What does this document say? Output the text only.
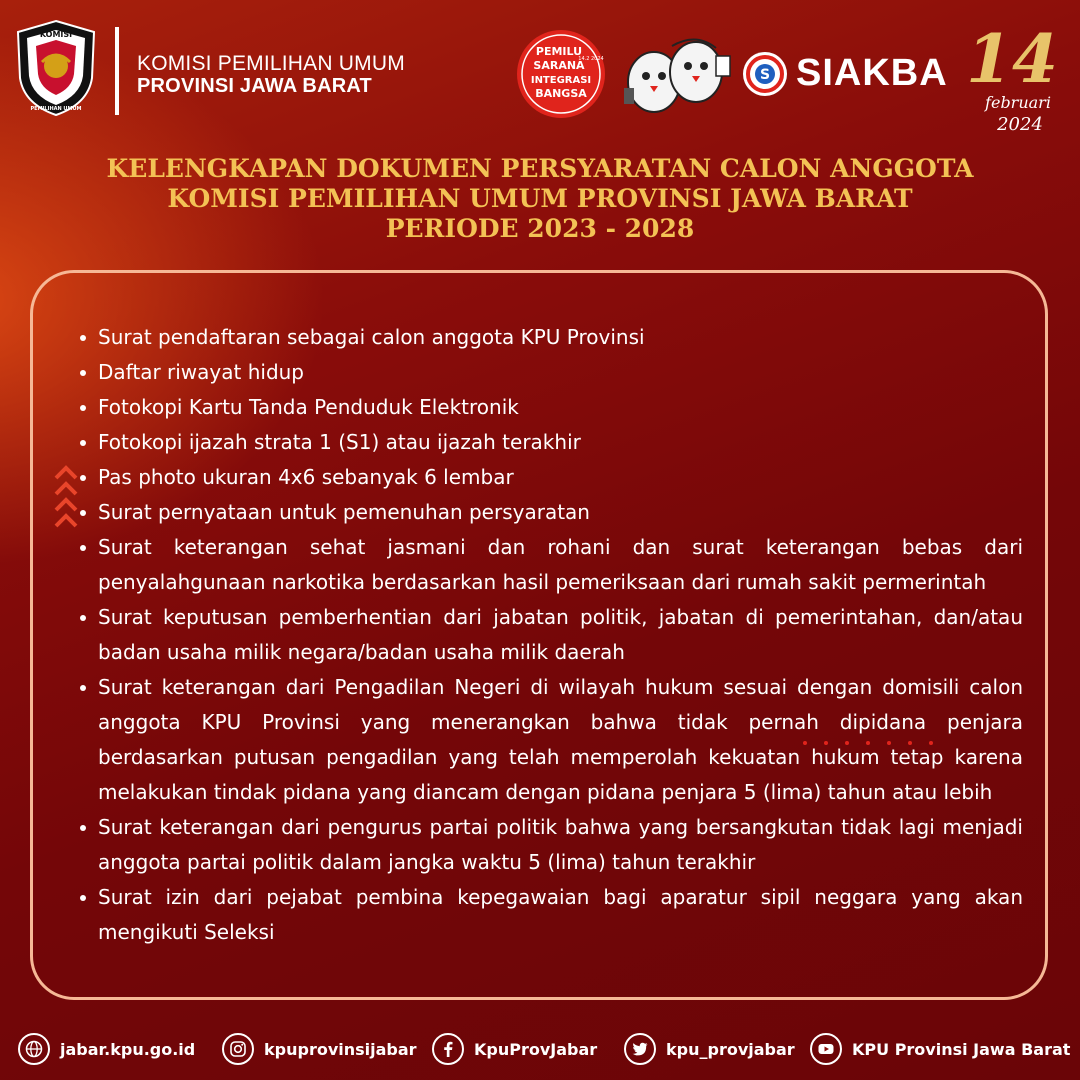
KOMISI
PEMILIHAN UMUM
KOMISI PEMILIHAN UMUM
PROVINSI JAWA BARAT
PEMILU
SARANA
INTEGRASI
BANGSA
14.2 2024
S SIAKBA 14
februari
2024
KELENGKAPAN DOKUMEN PERSYARATAN CALON ANGGOTA
KOMISI PEMILIHAN UMUM PROVINSI JAWA BARAT
PERIODE 2023 - 2028
Surat pendaftaran sebagai calon anggota KPU Provinsi
Daftar riwayat hidup
Fotokopi Kartu Tanda Penduduk Elektronik
Fotokopi ijazah strata 1 (S1) atau ijazah terakhir
Pas photo ukuran 4x6 sebanyak 6 lembar
Surat pernyataan untuk pemenuhan persyaratan
Surat keterangan sehat jasmani dan rohani dan surat keterangan bebas dari penyalahgunaan narkotika berdasarkan hasil pemeriksaan dari rumah sakit permerintah
Surat keputusan pemberhentian dari jabatan politik, jabatan di pemerintahan, dan/atau badan usaha milik negara/badan usaha milik daerah
Surat keterangan dari Pengadilan Negeri di wilayah hukum sesuai dengan domisili calon anggota KPU Provinsi yang menerangkan bahwa tidak pernah dipidana penjara berdasarkan putusan pengadilan yang telah memperolah kekuatan hukum tetap karena melakukan tindak pidana yang diancam dengan pidana penjara 5 (lima) tahun atau lebih
Surat keterangan dari pengurus partai politik bahwa yang bersangkutan tidak lagi menjadi anggota partai politik dalam jangka waktu 5 (lima) tahun terakhir
Surat izin dari pejabat pembina kepegawaian bagi aparatur sipil neggara yang akan mengikuti Seleksi
jabar.kpu.go.id	kpuprovinsijabar	KpuProvJabar	kpu_provjabar	KPU Provinsi Jawa Barat
